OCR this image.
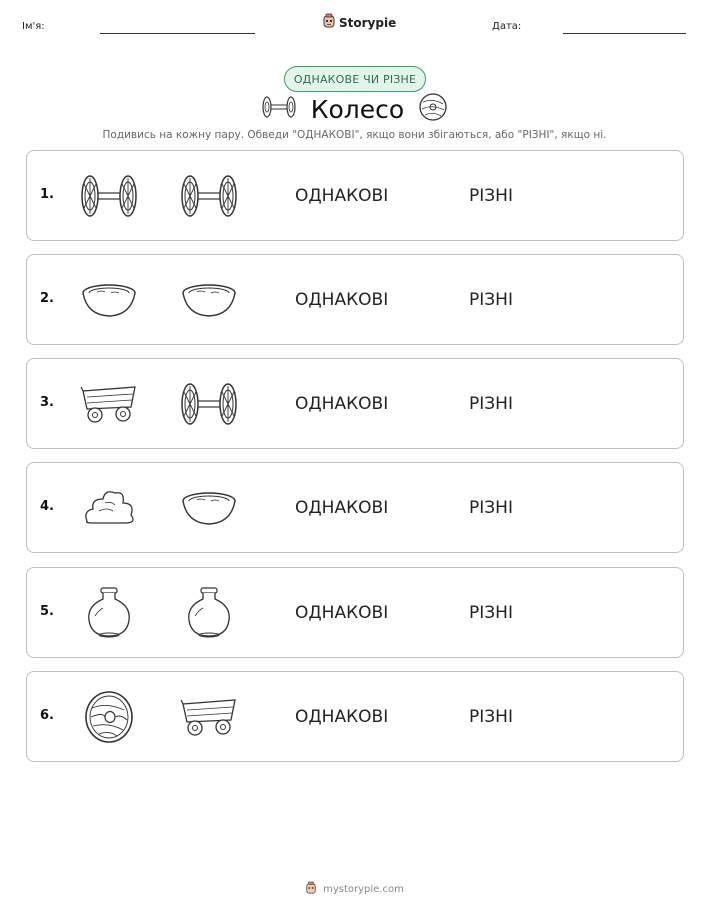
Ім'я:	Storypie	Дата:
ОДНАКОВЕ ЧИ РІЗНЕ
Колесо
Подивись на кожну пару. Обведи "ОДНАКОВІ", якщо вони збігаються, або "РІЗНІ", якщо ні.
1.	ОДНАКОВІ	РІЗНІ
2.	ОДНАКОВІ	РІЗНІ
3.	ОДНАКОВІ	РІЗНІ
4.	ОДНАКОВІ	РІЗНІ
5.	ОДНАКОВІ	РІЗНІ
6.	ОДНАКОВІ	РІЗНІ
mystorypie.com
